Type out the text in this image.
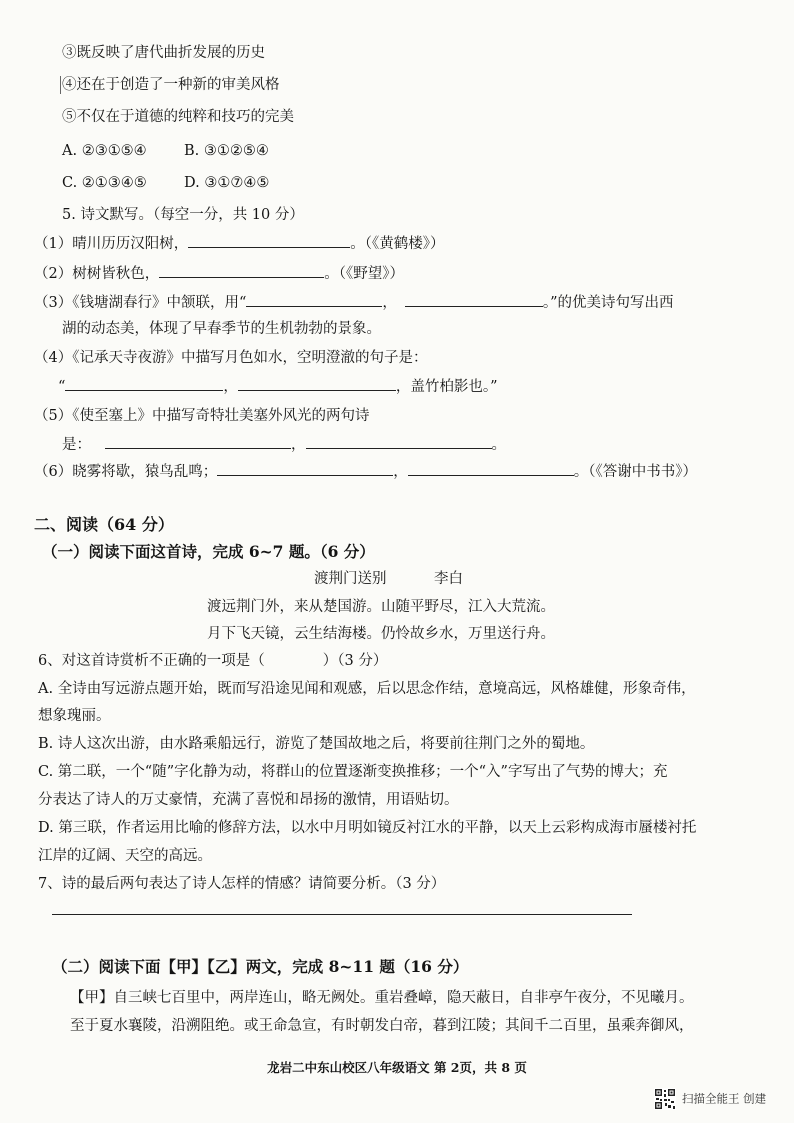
③既反映了唐代曲折发展的历史
④还在于创造了一种新的审美风格
⑤不仅在于道德的纯粹和技巧的完美
A. ②③①⑤④	B. ③①②⑤④
C. ②①③④⑤	D. ③①⑦④⑤
5. 诗文默写。（每空一分，共 10 分）
（1）晴川历历汉阳树，	。（《黄鹤楼》）
（2）树树皆秋色，	。（《野望》）
（3）《钱塘湖春行》中颔联，用“	，	。”的优美诗句写出西
湖的动态美，体现了早春季节的生机勃勃的景象。
（4）《记承天寺夜游》中描写月色如水，空明澄澈的句子是：
“	，	，盖竹柏影也。”
（5）《使至塞上》中描写奇特壮美塞外风光的两句诗
是：	，	。
（6）晓雾将歇，猿鸟乱鸣；	，	。（《答谢中书书》）
二、阅读（64 分）
（一）阅读下面这首诗，完成 6~7 题。（6 分）
渡荆门送别	李白
渡远荆门外，来从楚国游。山随平野尽，江入大荒流。
月下飞天镜，云生结海楼。仍怜故乡水，万里送行舟。
6、对这首诗赏析不正确的一项是（	）（3 分）
A. 全诗由写远游点题开始，既而写沿途见闻和观感，后以思念作结，意境高远，风格雄健，形象奇伟，
想象瑰丽。
B. 诗人这次出游，由水路乘船远行，游览了楚国故地之后，将要前往荆门之外的蜀地。
C. 第二联，一个“随”字化静为动，将群山的位置逐渐变换推移；一个“入”字写出了气势的博大；充
分表达了诗人的万丈豪情，充满了喜悦和昂扬的激情，用语贴切。
D. 第三联，作者运用比喻的修辞方法，以水中月明如镜反衬江水的平静，以天上云彩构成海市蜃楼衬托
江岸的辽阔、天空的高远。
7、诗的最后两句表达了诗人怎样的情感？请简要分析。（3 分）
（二）阅读下面【甲】【乙】两文，完成 8~11 题（16 分）
【甲】自三峡七百里中，两岸连山，略无阙处。重岩叠嶂，隐天蔽日，自非亭午夜分，不见曦月。
至于夏水襄陵，沿溯阻绝。或王命急宣，有时朝发白帝，暮到江陵；其间千二百里，虽乘奔御风，
龙岩二中东山校区八年级语文 第 2页，共 8 页
扫描全能王 创建
